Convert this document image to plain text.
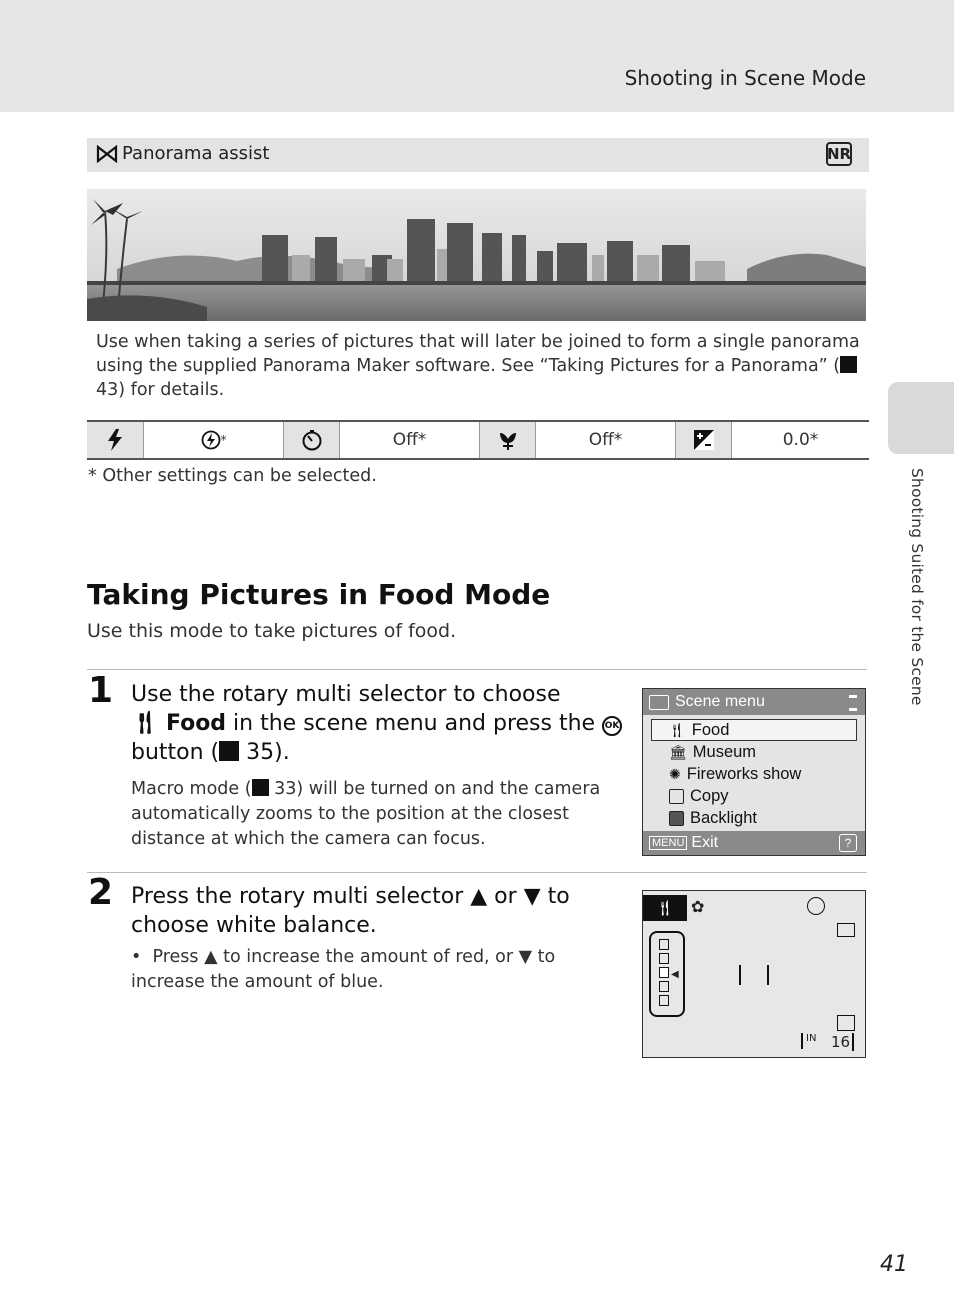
Shooting in Scene Mode
Shooting Suited for the Scene
Panorama assist	NR
Use when taking a series of pictures that will later be joined to form a single panorama using the supplied Panorama Maker software. See “Taking Pictures for a Panorama” ( 43) for details.
*	Off*	Off*	0.0*
* Other settings can be selected.
Taking Pictures in Food Mode
Use this mode to take pictures of food.
1 Use the rotary multi selector to choose
🍴︎ Food in the scene menu and press the OK
button ( 35).
Macro mode ( 33) will be turned on and the camera automatically zooms to the position at the closest distance at which the camera can focus.
Scene menu
🍴︎ Food
🏛︎ Museum
✺ Fireworks show
Copy
Backlight
MENU Exit	?
2 Press the rotary multi selector ▲ or ▼ to choose white balance.
•  Press ▲ to increase the amount of red, or ▼ to increase the amount of blue.
🍴︎	✿
◀
IN 16
41
